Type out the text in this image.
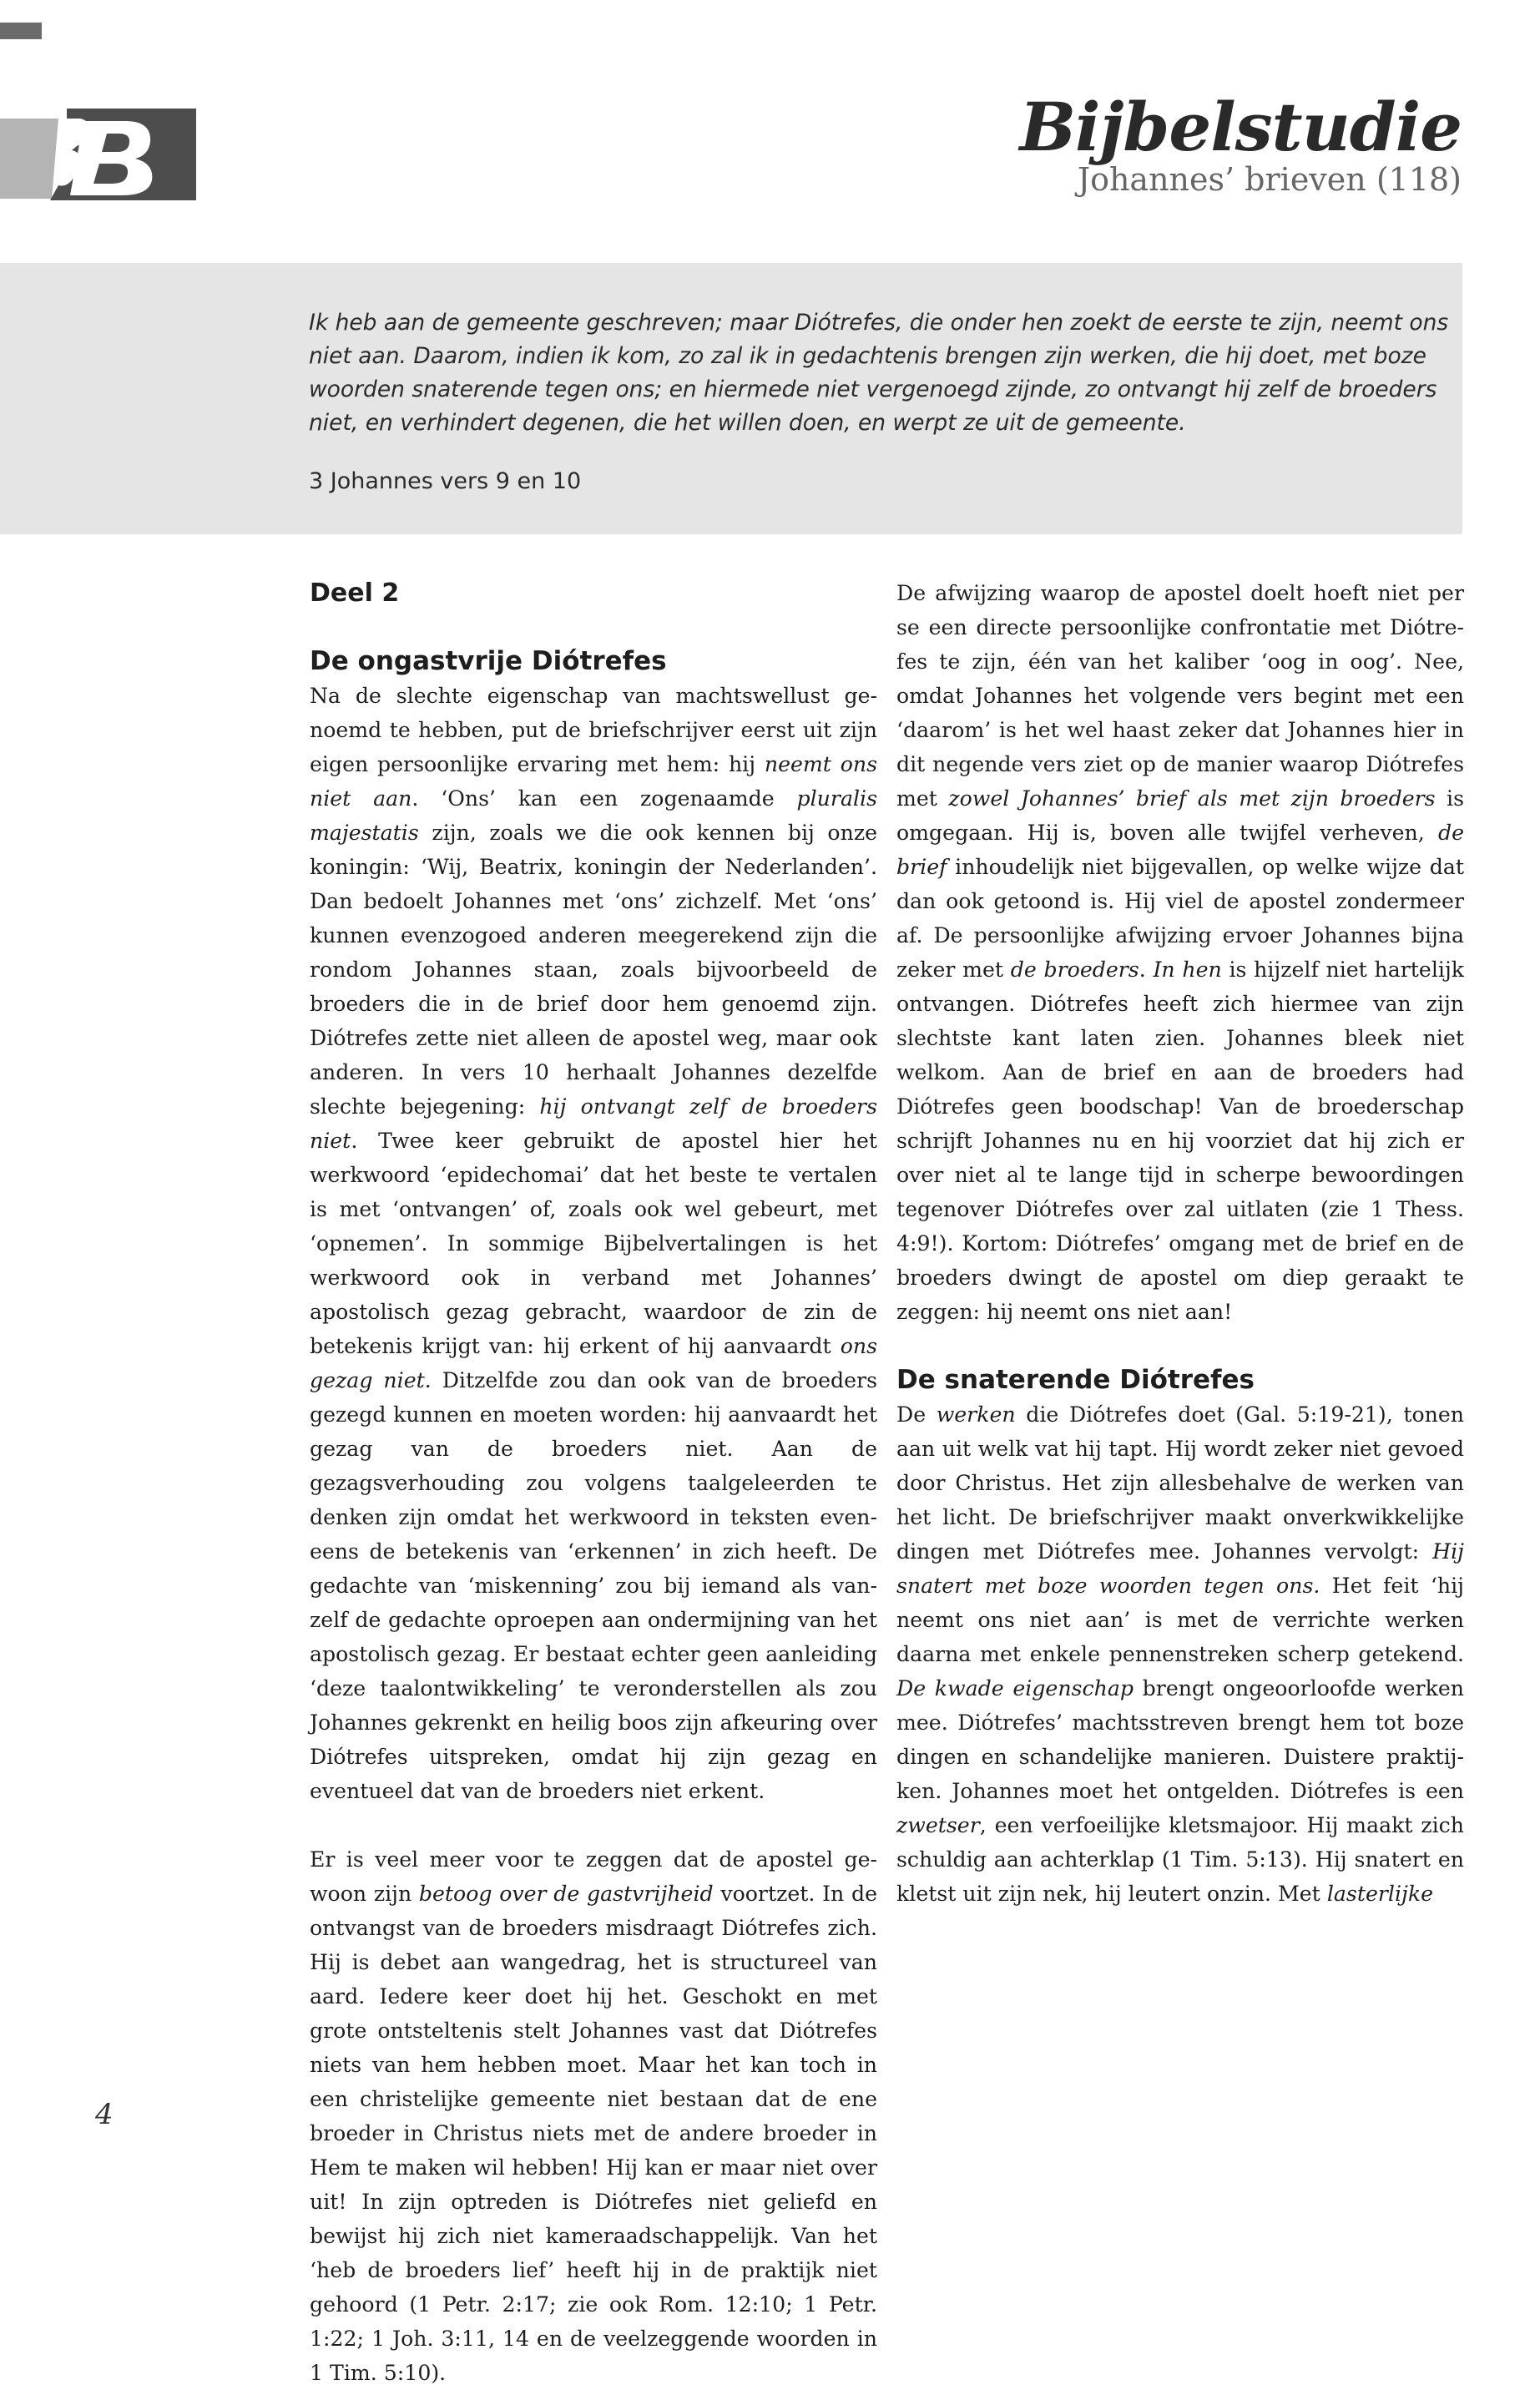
Bijbelstudie
Johannes’ brieven (118)

Ik heb aan de gemeente geschreven; maar Diótrefes, die onder hen zoekt de eerste te zijn, neemt ons niet aan. Daarom, indien ik kom, zo zal ik in gedachtenis brengen zijn werken, die hij doet, met boze woorden snaterende tegen ons; en hiermede niet vergenoegd zijnde, zo ontvangt hij zelf de broeders niet, en verhindert degenen, die het willen doen, en werpt ze uit de gemeente.

3 Johannes vers 9 en 10
Deel 2
De ongastvrije Diótrefes

Na de slechte eigenschap van machtswellust genoemd te hebben, put de briefschrijver eerst uit zijn eigen persoonlijke ervaring met hem: hij neemt ons niet aan. ‘Ons’ kan een zogenaamde pluralis majestatis zijn, zoals we die ook kennen bij onze koningin: ‘Wij, Beatrix, koningin der Nederlanden’. Dan bedoelt Johannes met ‘ons’ zichzelf. Met ‘ons’ kunnen evenzogoed anderen meegerekend zijn die rondom Johannes staan, zoals bijvoorbeeld de broeders die in de brief door hem genoemd zijn. Diótrefes zette niet alleen de apostel weg, maar ook anderen. In vers 10 herhaalt Johannes dezelfde slechte bejegening: hij ontvangt zelf de broeders niet. Twee keer gebruikt de apostel hier het werkwoord ‘epidechomai’ dat het beste te vertalen is met ‘ontvangen’ of, zoals ook wel gebeurt, met ‘opnemen’. In sommige Bijbelvertalingen is het werkwoord ook in verband met Johannes’ apostolisch gezag gebracht, waardoor de zin de betekenis krijgt van: hij erkent of hij aanvaardt ons gezag niet. Ditzelfde zou dan ook van de broeders gezegd kunnen en moeten worden: hij aanvaardt het gezag van de broeders niet. Aan de gezagsverhouding zou volgens taalgeleerden te denken zijn omdat het werkwoord in teksten eveneens de betekenis van ‘erkennen’ in zich heeft. De gedachte van ‘miskenning’ zou bij iemand als vanzelf de gedachte oproepen aan ondermijning van het apostolisch gezag. Er bestaat echter geen aanleiding ‘deze taalontwikkeling’ te veronderstellen als zou Johannes gekrenkt en heilig boos zijn afkeuring over Diótrefes uitspreken, omdat hij zijn gezag en eventueel dat van de broeders niet erkent.

Er is veel meer voor te zeggen dat de apostel gewoon zijn betoog over de gastvrijheid voortzet. In de ontvangst van de broeders misdraagt Diótrefes zich. Hij is debet aan wangedrag, het is structureel van aard. Iedere keer doet hij het. Geschokt en met grote ontsteltenis stelt Johannes vast dat Diótrefes niets van hem hebben moet. Maar het kan toch in een christelijke gemeente niet bestaan dat de ene broeder in Christus niets met de andere broeder in Hem te maken wil hebben! Hij kan er maar niet over uit! In zijn optreden is Diótrefes niet geliefd en bewijst hij zich niet kameraadschappelijk. Van het ‘heb de broeders lief’ heeft hij in de praktijk niet gehoord (1 Petr. 2:17; zie ook Rom. 12:10; 1 Petr. 1:22; 1 Joh. 3:11, 14 en de veelzeggende woorden in 1 Tim. 5:10).

De afwijzing waarop de apostel doelt hoeft niet per se een directe persoonlijke confrontatie met Diótrefes te zijn, één van het kaliber ‘oog in oog’. Nee, omdat Johannes het volgende vers begint met een ‘daarom’ is het wel haast zeker dat Johannes hier in dit negende vers ziet op de manier waarop Diótrefes met zowel Johannes’ brief als met zijn broeders is omgegaan. Hij is, boven alle twijfel verheven, de brief inhoudelijk niet bijgevallen, op welke wijze dat dan ook getoond is. Hij viel de apostel zondermeer af. De persoonlijke afwijzing ervoer Johannes bijna zeker met de broeders. In hen is hijzelf niet hartelijk ontvangen. Diótrefes heeft zich hiermee van zijn slechtste kant laten zien. Johannes bleek niet welkom. Aan de brief en aan de broeders had Diótrefes geen boodschap! Van de broederschap schrijft Johannes nu en hij voorziet dat hij zich er over niet al te lange tijd in scherpe bewoordingen tegenover Diótrefes over zal uitlaten (zie 1 Thess. 4:9!). Kortom: Diótrefes’ omgang met de brief en de broeders dwingt de apostel om diep geraakt te zeggen: hij neemt ons niet aan!

De snaterende Diótrefes

De werken die Diótrefes doet (Gal. 5:19-21), tonen aan uit welk vat hij tapt. Hij wordt zeker niet gevoed door Christus. Het zijn allesbehalve de werken van het licht. De briefschrijver maakt onverkwikkelijke dingen met Diótrefes mee. Johannes vervolgt: Hij snatert met boze woorden tegen ons. Het feit ‘hij neemt ons niet aan’ is met de verrichte werken daarna met enkele pennenstreken scherp getekend. De kwade eigenschap brengt ongeoorloofde werken mee. Diótrefes’ machtsstreven brengt hem tot boze dingen en schandelijke manieren. Duistere praktijken. Johannes moet het ontgelden. Diótrefes is een zwetser, een verfoeilijke kletsmajoor. Hij maakt zich schuldig aan achterklap (1 Tim. 5:13). Hij snatert en kletst uit zijn nek, hij leutert onzin. Met lasterlijke

4
